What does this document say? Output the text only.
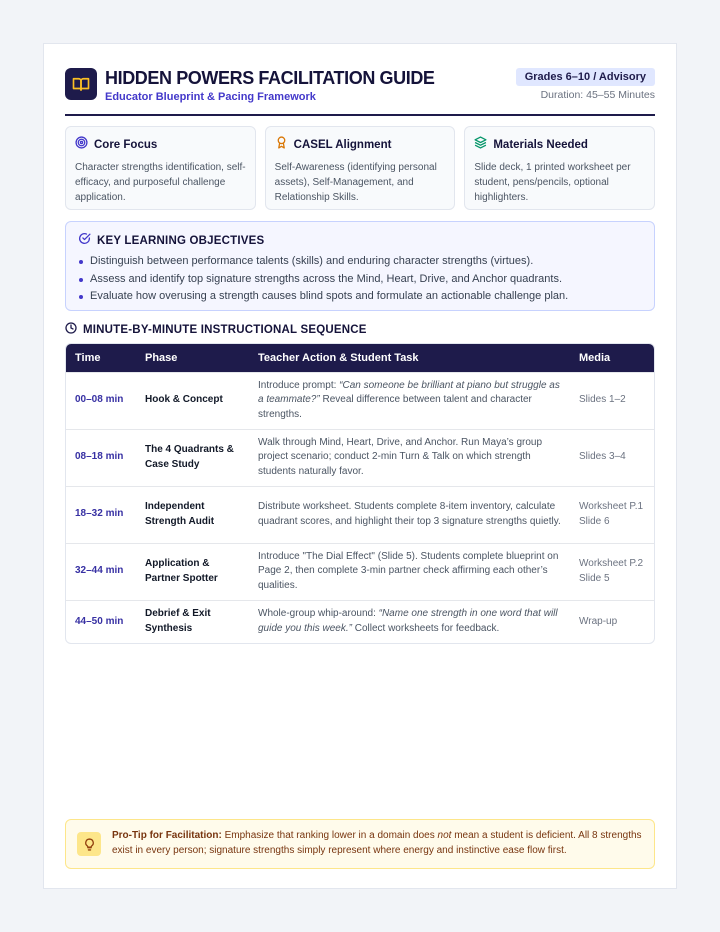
HIDDEN POWERS FACILITATION GUIDE
Educator Blueprint & Pacing Framework
Grades 6–10 / Advisory
Duration: 45–55 Minutes
Core Focus
Character strengths identification, self-efficacy, and purposeful challenge application.
CASEL Alignment
Self-Awareness (identifying personal assets), Self-Management, and Relationship Skills.
Materials Needed
Slide deck, 1 printed worksheet per student, pens/pencils, optional highlighters.
KEY LEARNING OBJECTIVES
Distinguish between performance talents (skills) and enduring character strengths (virtues).
Assess and identify top signature strengths across the Mind, Heart, Drive, and Anchor quadrants.
Evaluate how overusing a strength causes blind spots and formulate an actionable challenge plan.
MINUTE-BY-MINUTE INSTRUCTIONAL SEQUENCE
Time	Phase	Teacher Action & Student Task	Media
00–08 min	Hook & Concept	Introduce prompt: “Can someone be brilliant at piano but struggle as a teammate?” Reveal difference between talent and character strengths.	Slides 1–2
08–18 min	The 4 Quadrants & Case Study	Walk through Mind, Heart, Drive, and Anchor. Run Maya’s group project scenario; conduct 2-min Turn & Talk on which strength students naturally favor.	Slides 3–4
18–32 min	Independent Strength Audit	Distribute worksheet. Students complete 8-item inventory, calculate quadrant scores, and highlight their top 3 signature strengths quietly.	Worksheet P.1 Slide 6
32–44 min	Application & Partner Spotter	Introduce "The Dial Effect" (Slide 5). Students complete blueprint on Page 2, then complete 3-min partner check affirming each other’s qualities.	Worksheet P.2 Slide 5
44–50 min	Debrief & Exit Synthesis	Whole-group whip-around: “Name one strength in one word that will guide you this week.” Collect worksheets for feedback.	Wrap-up
Pro-Tip for Facilitation: Emphasize that ranking lower in a domain does not mean a student is deficient. All 8 strengths exist in every person; signature strengths simply represent where energy and instinctive ease flow first.
